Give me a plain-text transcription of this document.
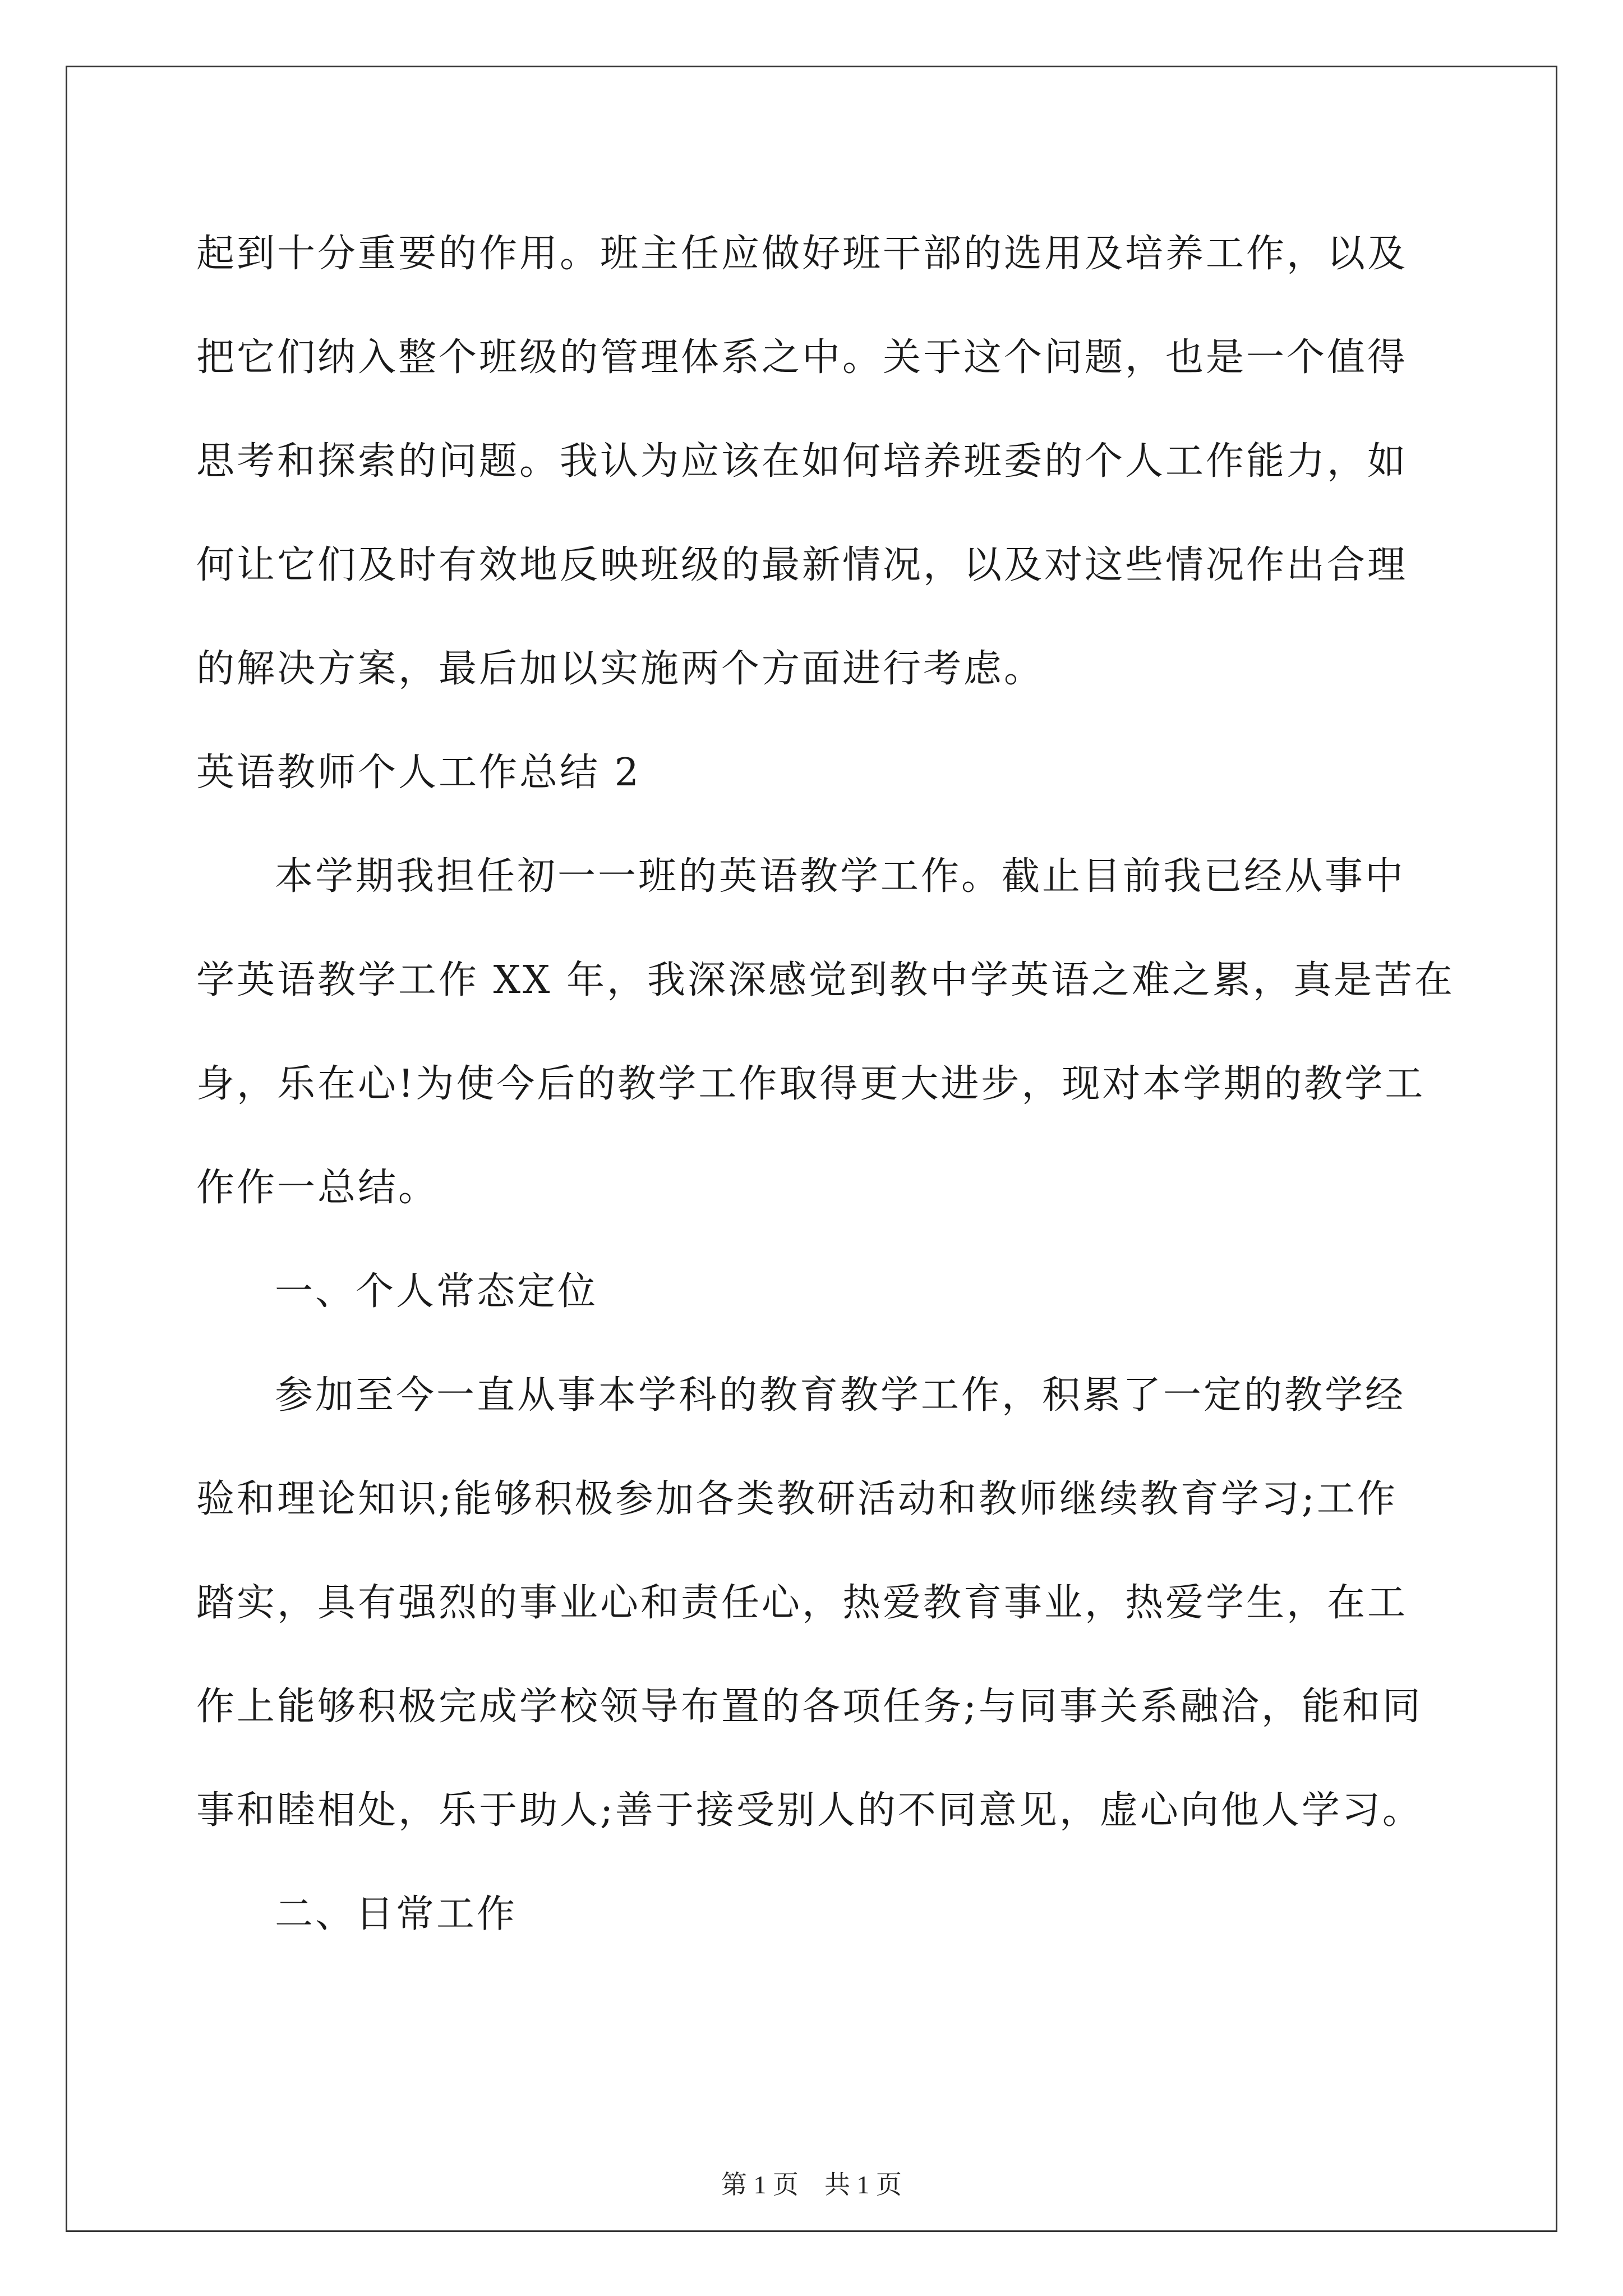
起到十分重要的作用。班主任应做好班干部的选用及培养工作，以及
把它们纳入整个班级的管理体系之中。关于这个问题，也是一个值得
思考和探索的问题。我认为应该在如何培养班委的个人工作能力，如
何让它们及时有效地反映班级的最新情况，以及对这些情况作出合理
的解决方案，最后加以实施两个方面进行考虑。
英语教师个人工作总结 2
本学期我担任初一一班的英语教学工作。截止目前我已经从事中
学英语教学工作 XX 年，我深深感觉到教中学英语之难之累，真是苦在
身，乐在心!为使今后的教学工作取得更大进步，现对本学期的教学工
作作一总结。
一、个人常态定位
参加至今一直从事本学科的教育教学工作，积累了一定的教学经
验和理论知识;能够积极参加各类教研活动和教师继续教育学习;工作
踏实，具有强烈的事业心和责任心，热爱教育事业，热爱学生，在工
作上能够积极完成学校领导布置的各项任务;与同事关系融洽，能和同
事和睦相处，乐于助人;善于接受别人的不同意见，虚心向他人学习。
二、日常工作
第 1 页　共 1 页
